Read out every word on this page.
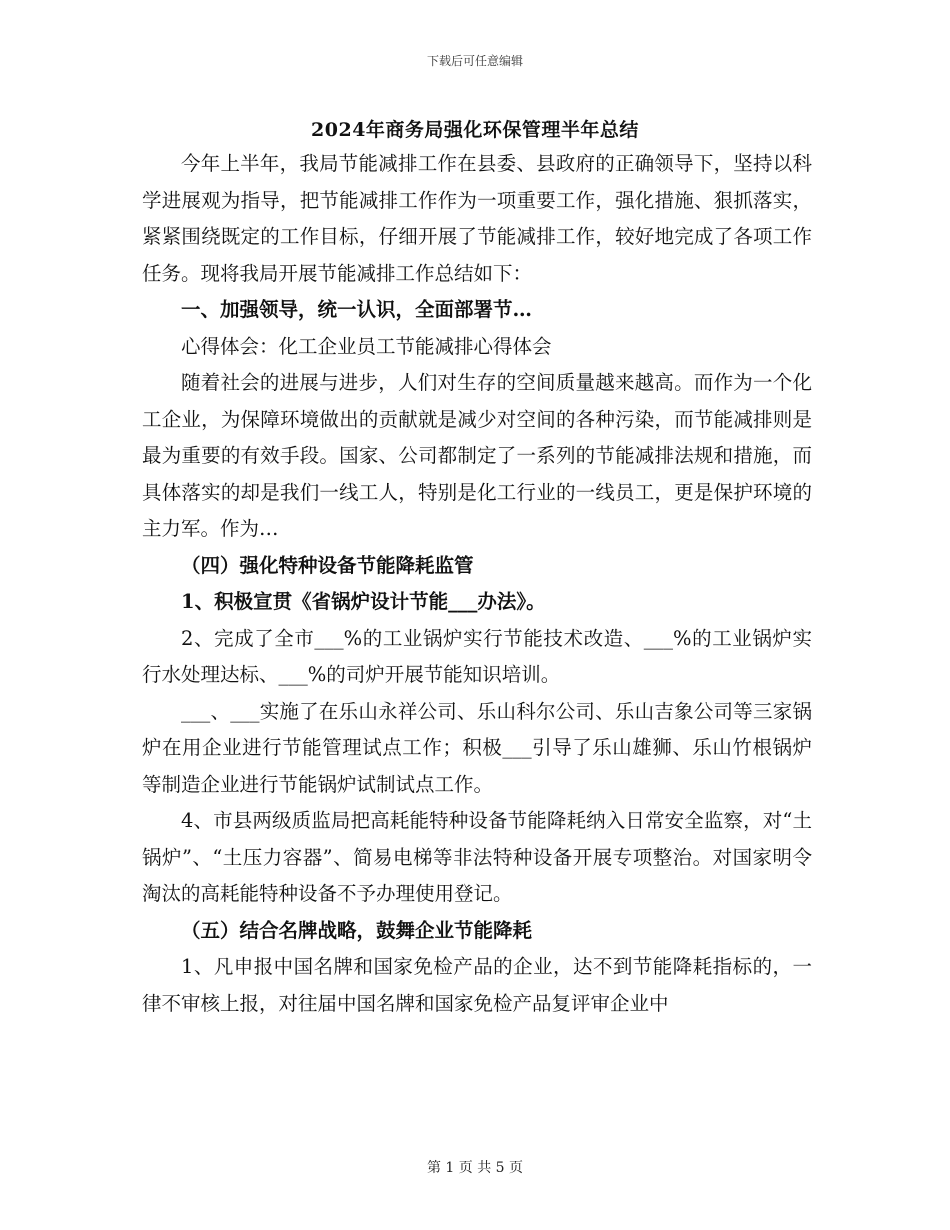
下载后可任意编辑
2024年商务局强化环保管理半年总结

今年上半年，我局节能减排工作在县委、县政府的正确领导下，坚持以科学进展观为指导，把节能减排工作作为一项重要工作，强化措施、狠抓落实，紧紧围绕既定的工作目标，仔细开展了节能减排工作，较好地完成了各项工作任务。现将我局开展节能减排工作总结如下：

一、加强领导，统一认识，全面部署节…

心得体会：化工企业员工节能减排心得体会

随着社会的进展与进步，人们对生存的空间质量越来越高。而作为一个化工企业，为保障环境做出的贡献就是减少对空间的各种污染，而节能减排则是最为重要的有效手段。国家、公司都制定了一系列的节能减排法规和措施，而具体落实的却是我们一线工人，特别是化工行业的一线员工，更是保护环境的主力军。作为…

（四）强化特种设备节能降耗监管

1、积极宣贯《省锅炉设计节能___办法》。

2、完成了全市___%的工业锅炉实行节能技术改造、___%的工业锅炉实行水处理达标、___%的司炉开展节能知识培训。

___、___实施了在乐山永祥公司、乐山科尔公司、乐山吉象公司等三家锅炉在用企业进行节能管理试点工作；积极___引导了乐山雄狮、乐山竹根锅炉等制造企业进行节能锅炉试制试点工作。

4、市县两级质监局把高耗能特种设备节能降耗纳入日常安全监察，对“土锅炉”、“土压力容器”、简易电梯等非法特种设备开展专项整治。对国家明令淘汰的高耗能特种设备不予办理使用登记。

（五）结合名牌战略，鼓舞企业节能降耗

1、凡申报中国名牌和国家免检产品的企业，达不到节能降耗指标的，一律不审核上报，对往届中国名牌和国家免检产品复评审企业中

第 1 页 共 5 页
